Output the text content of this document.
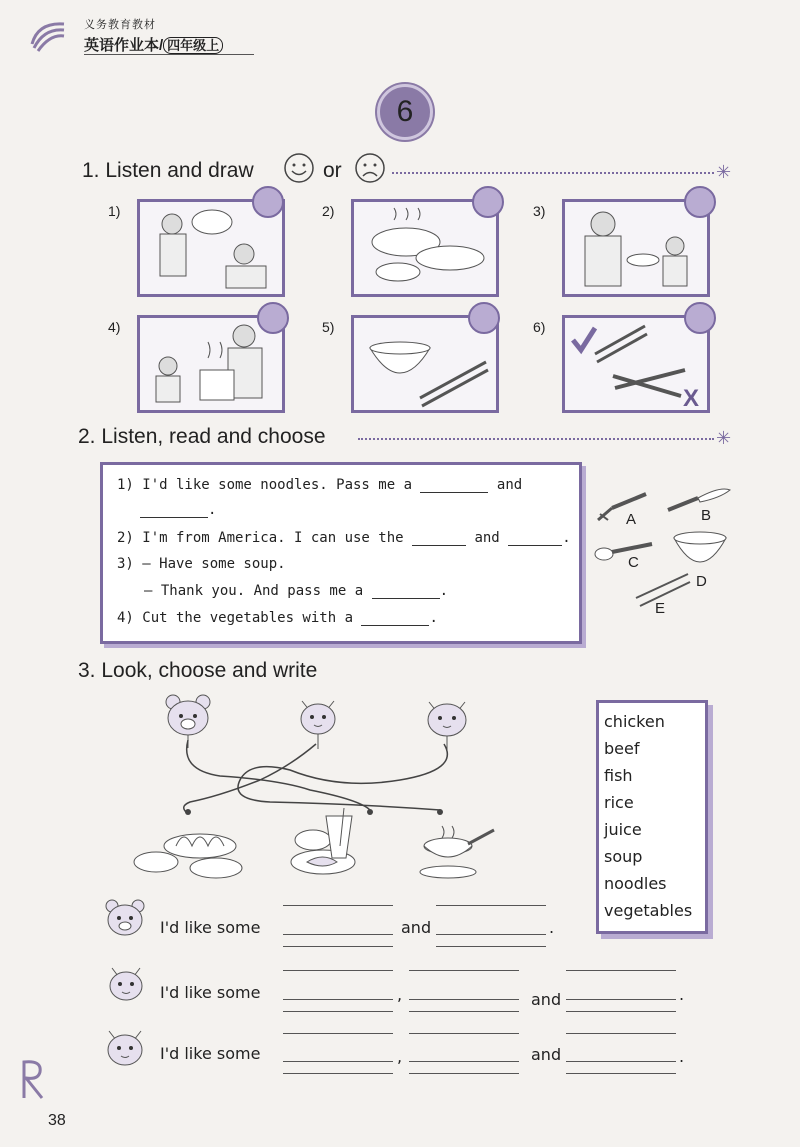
义务教育教材
英语作业本/ 四年级上
6
1. Listen and draw	or	✳
1)	2)	3)
4)	5)	6)
X
2. Listen, read and choose	✳
1) I'd like some noodles. Pass me a	and
.
2) I'm from America. I can use the	and	.
3) — Have some soup.
— Thank you. And pass me a	.
4) Cut the vegetables with a	.
A	B
C
D
E
3. Look, choose and write
chicken
beef
fish
rice
juice
soup
noodles
vegetables
I'd like some	and	.
I'd like some	,	and	.
I'd like some	,	and	.
38
